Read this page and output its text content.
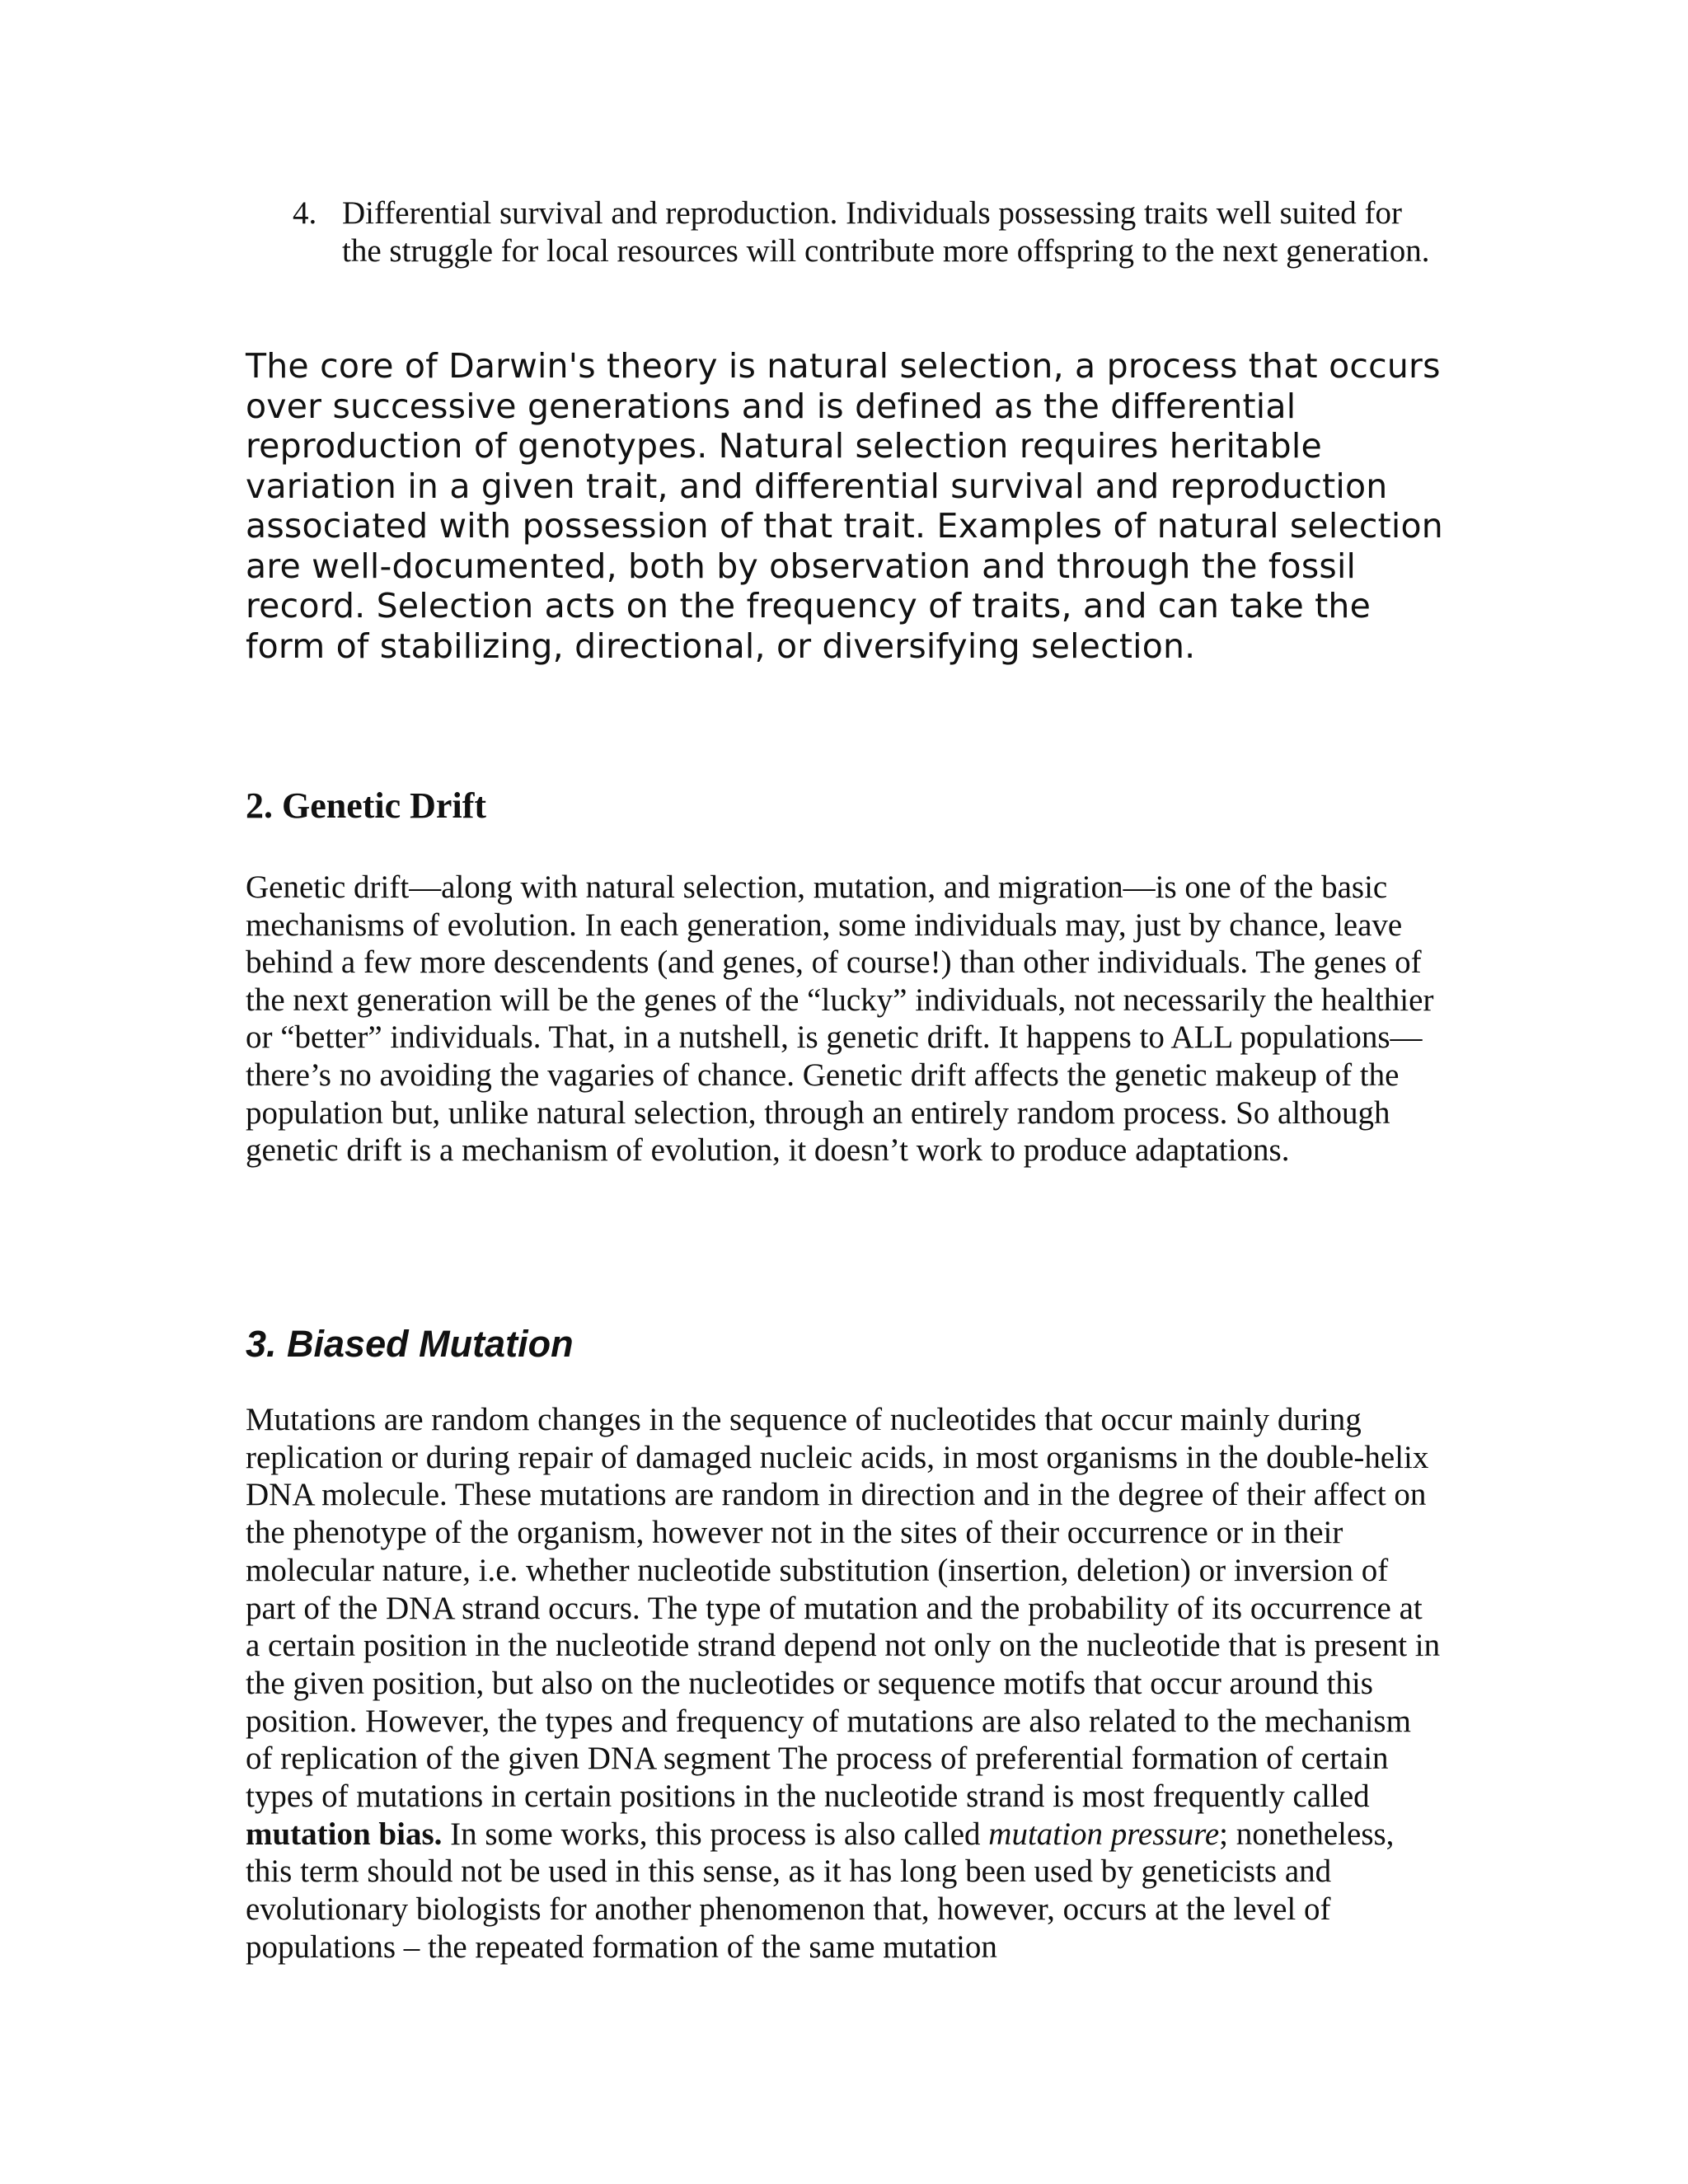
4. Differential survival and reproduction. Individuals possessing traits well suited for the struggle for local resources will contribute more offspring to the next generation.

The core of Darwin's theory is natural selection, a process that occurs over successive generations and is defined as the differential reproduction of genotypes. Natural selection requires heritable variation in a given trait, and differential survival and reproduction associated with possession of that trait. Examples of natural selection are well-documented, both by observation and through the fossil record. Selection acts on the frequency of traits, and can take the form of stabilizing, directional, or diversifying selection.

2. Genetic Drift

Genetic drift—along with natural selection, mutation, and migration—is one of the basic mechanisms of evolution. In each generation, some individuals may, just by chance, leave behind a few more descendents (and genes, of course!) than other individuals. The genes of the next generation will be the genes of the “lucky” individuals, not necessarily the healthier or “better” individuals. That, in a nutshell, is genetic drift. It happens to ALL populations—there’s no avoiding the vagaries of chance. Genetic drift affects the genetic makeup of the population but, unlike natural selection, through an entirely random process. So although genetic drift is a mechanism of evolution, it doesn’t work to produce adaptations.

3. Biased Mutation

Mutations are random changes in the sequence of nucleotides that occur mainly during replication or during repair of damaged nucleic acids, in most organisms in the double-helix DNA molecule. These mutations are random in direction and in the degree of their affect on the phenotype of the organism, however not in the sites of their occurrence or in their molecular nature, i.e. whether nucleotide substitution (insertion, deletion) or inversion of part of the DNA strand occurs. The type of mutation and the probability of its occurrence at a certain position in the nucleotide strand depend not only on the nucleotide that is present in the given position, but also on the nucleotides or sequence motifs that occur around this position. However, the types and frequency of mutations are also related to the mechanism of replication of the given DNA segment The process of preferential formation of certain types of mutations in certain positions in the nucleotide strand is most frequently called mutation bias. In some works, this process is also called mutation pressure; nonetheless, this term should not be used in this sense, as it has long been used by geneticists and evolutionary biologists for another phenomenon that, however, occurs at the level of populations – the repeated formation of the same mutation
